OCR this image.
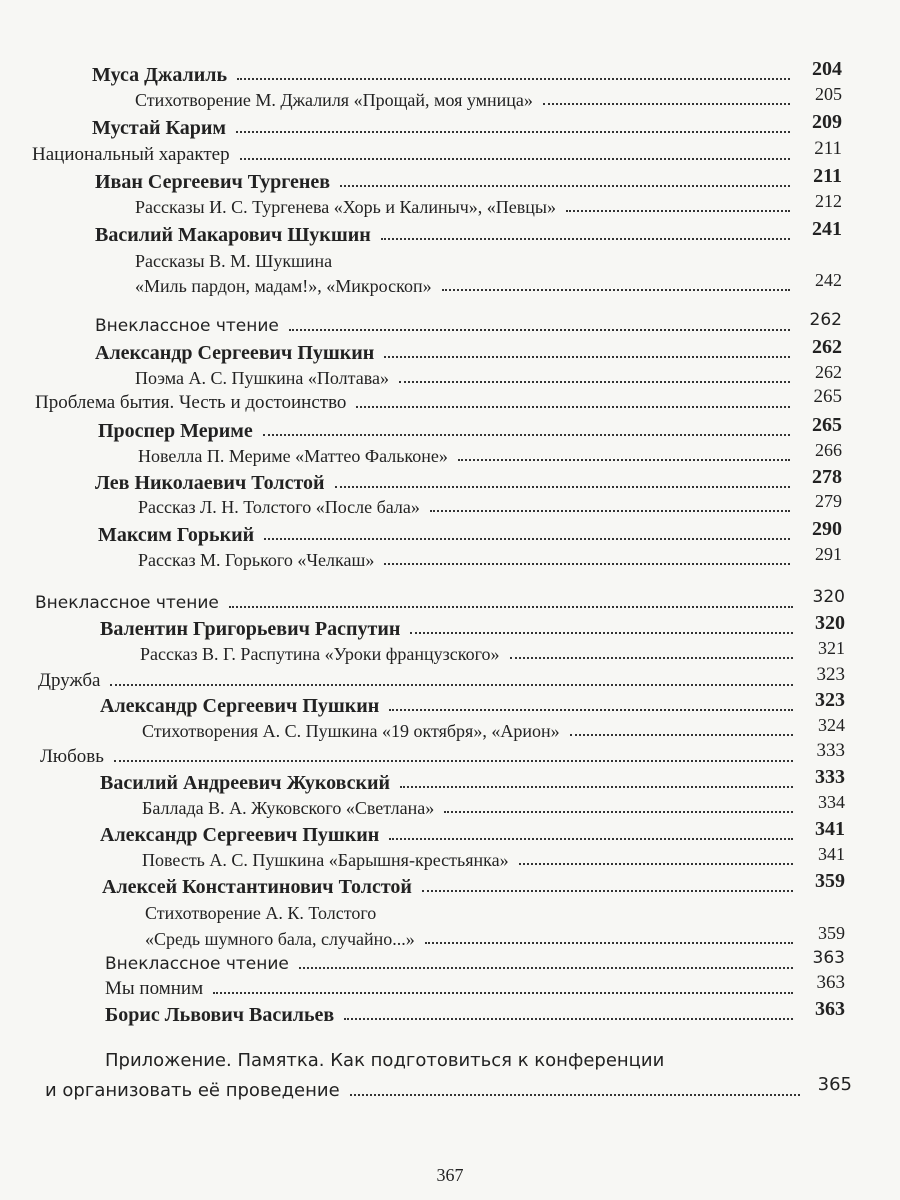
Муса Джалиль	204
Стихотворение М. Джалиля «Прощай, моя умница»	205
Мустай Карим	209
Национальный характер	211
Иван Сергеевич Тургенев	211
Рассказы И. С. Тургенева «Хорь и Калиныч», «Певцы»	212
Василий Макарович Шукшин	241
Рассказы В. М. Шукшина
«Миль пардон, мадам!», «Микроскоп»	242
Внеклассное чтение	262
Александр Сергеевич Пушкин	262
Поэма А. С. Пушкина «Полтава»	262
Проблема бытия. Честь и достоинство	265
Проспер Мериме	265
Новелла П. Мериме «Маттео Фальконе»	266
Лев Николаевич Толстой	278
Рассказ Л. Н. Толстого «После бала»	279
Максим Горький	290
Рассказ М. Горького «Челкаш»	291
Внеклассное чтение	320
Валентин Григорьевич Распутин	320
Рассказ В. Г. Распутина «Уроки французского»	321
Дружба	323
Александр Сергеевич Пушкин	323
Стихотворения А. С. Пушкина «19 октября», «Арион»	324
Любовь	333
Василий Андреевич Жуковский	333
Баллада В. А. Жуковского «Светлана»	334
Александр Сергеевич Пушкин	341
Повесть А. С. Пушкина «Барышня-крестьянка»	341
Алексей Константинович Толстой	359
Стихотворение А. К. Толстого
«Средь шумного бала, случайно...»	359
Внеклассное чтение	363
Мы помним	363
Борис Львович Васильев	363
Приложение. Памятка. Как подготовиться к конференции
и организовать её проведение	365
367
